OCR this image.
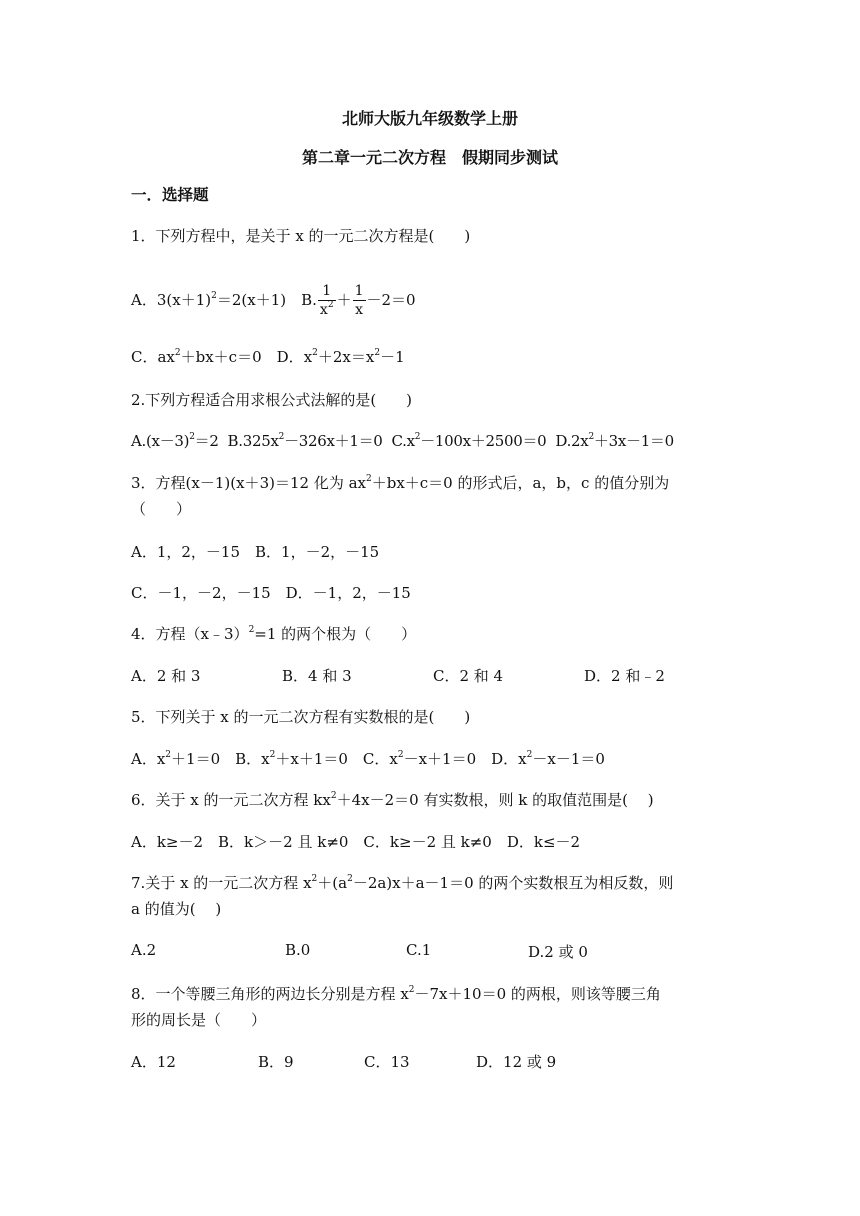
北师大版九年级数学上册
第二章一元二次方程　假期同步测试
一．选择题
1．下列方程中，是关于 x 的一元二次方程是(　　)
A．$3(x+1)^2=2(x+1)$　 B. $\frac{1}{x^2} + \frac{1}{x} -2=0$
C．$ax^2+bx+c=0$　 D．$x^2+2x=x^2-1$
2.下列方程适合用求根公式法解的是(　　)
$A.(x-3)^2=2$ $B.325x^2-326x+1=0$ $C.x^2-100x+2500=0$ $D.2x^2+3x-1=0$
3．方程(x－1)(x＋3)＝12 化为 $ax^2+bx+c=0$ 的形式后，a，b，c 的值分别为
（　　）
A．1，2，－15　B．1，－2，－15
C．－1，－2，－15　D．－1，2，－15
4．方程（x﹣3）$^2$=1 的两个根为（　　）
A．2 和 3	B．4 和 3	C．2 和 4	D．2 和﹣2
5．下列关于 x 的一元二次方程有实数根的是(　　)
A．$x^2+1=0$　 B．$x^2+x+1=0$　 C．$x^2-x+1=0$　 D．$x^2-x-1=0$
6．关于 x 的一元二次方程 $kx^2+4x-2=0$ 有实数根，则 k 的取值范围是(　 )
A．k≥－2　B．k＞－2 且 k≠0　C．k≥－2 且 k≠0　D．k≤－2
7.关于 x 的一元二次方程 $x^2+(a^2-2a)x+a-1=0$ 的两个实数根互为相反数，则
a 的值为(　 )
A.2	B.0	C.1	D.2 或 0
8．一个等腰三角形的两边长分别是方程 $x^2-7x+10=0$ 的两根，则该等腰三角
形的周长是（　　）
A．12	B．9	C．13	D．12 或 9
